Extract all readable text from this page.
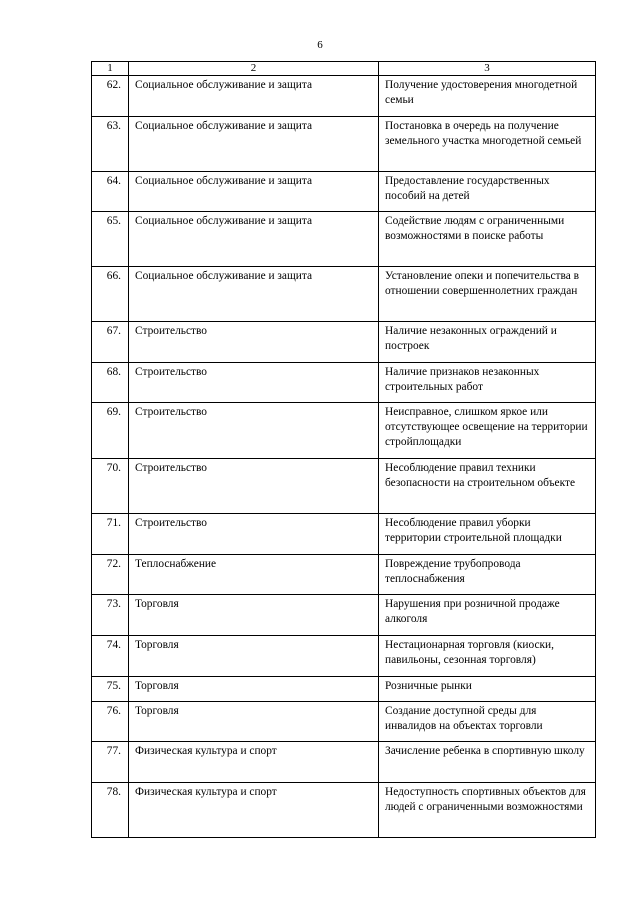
6
1	2	3
62.	Социальное обслуживание и защита	Получение удостоверения многодетной семьи
63.	Социальное обслуживание и защита	Постановка в очередь на получение земельного участка многодетной семьей
64.	Социальное обслуживание и защита	Предоставление государственных пособий на детей
65.	Социальное обслуживание и защита	Содействие людям с ограниченными возможностями в поиске работы
66.	Социальное обслуживание и защита	Установление опеки и попечительства в отношении совершеннолетних граждан
67.	Строительство	Наличие незаконных ограждений и построек
68.	Строительство	Наличие признаков незаконных строительных работ
69.	Строительство	Неисправное, слишком яркое или отсутствующее освещение на территории стройплощадки
70.	Строительство	Несоблюдение правил техники безопасности на строительном объекте
71.	Строительство	Несоблюдение правил уборки территории строительной площадки
72.	Теплоснабжение	Повреждение трубопровода теплоснабжения
73.	Торговля	Нарушения при розничной продаже алкоголя
74.	Торговля	Нестационарная торговля (киоски, павильоны, сезонная торговля)
75.	Торговля	Розничные рынки
76.	Торговля	Создание доступной среды для инвалидов на объектах торговли
77.	Физическая культура и спорт	Зачисление ребенка в спортивную школу
78.	Физическая культура и спорт	Недоступность спортивных объектов для людей с ограниченными возможностями
